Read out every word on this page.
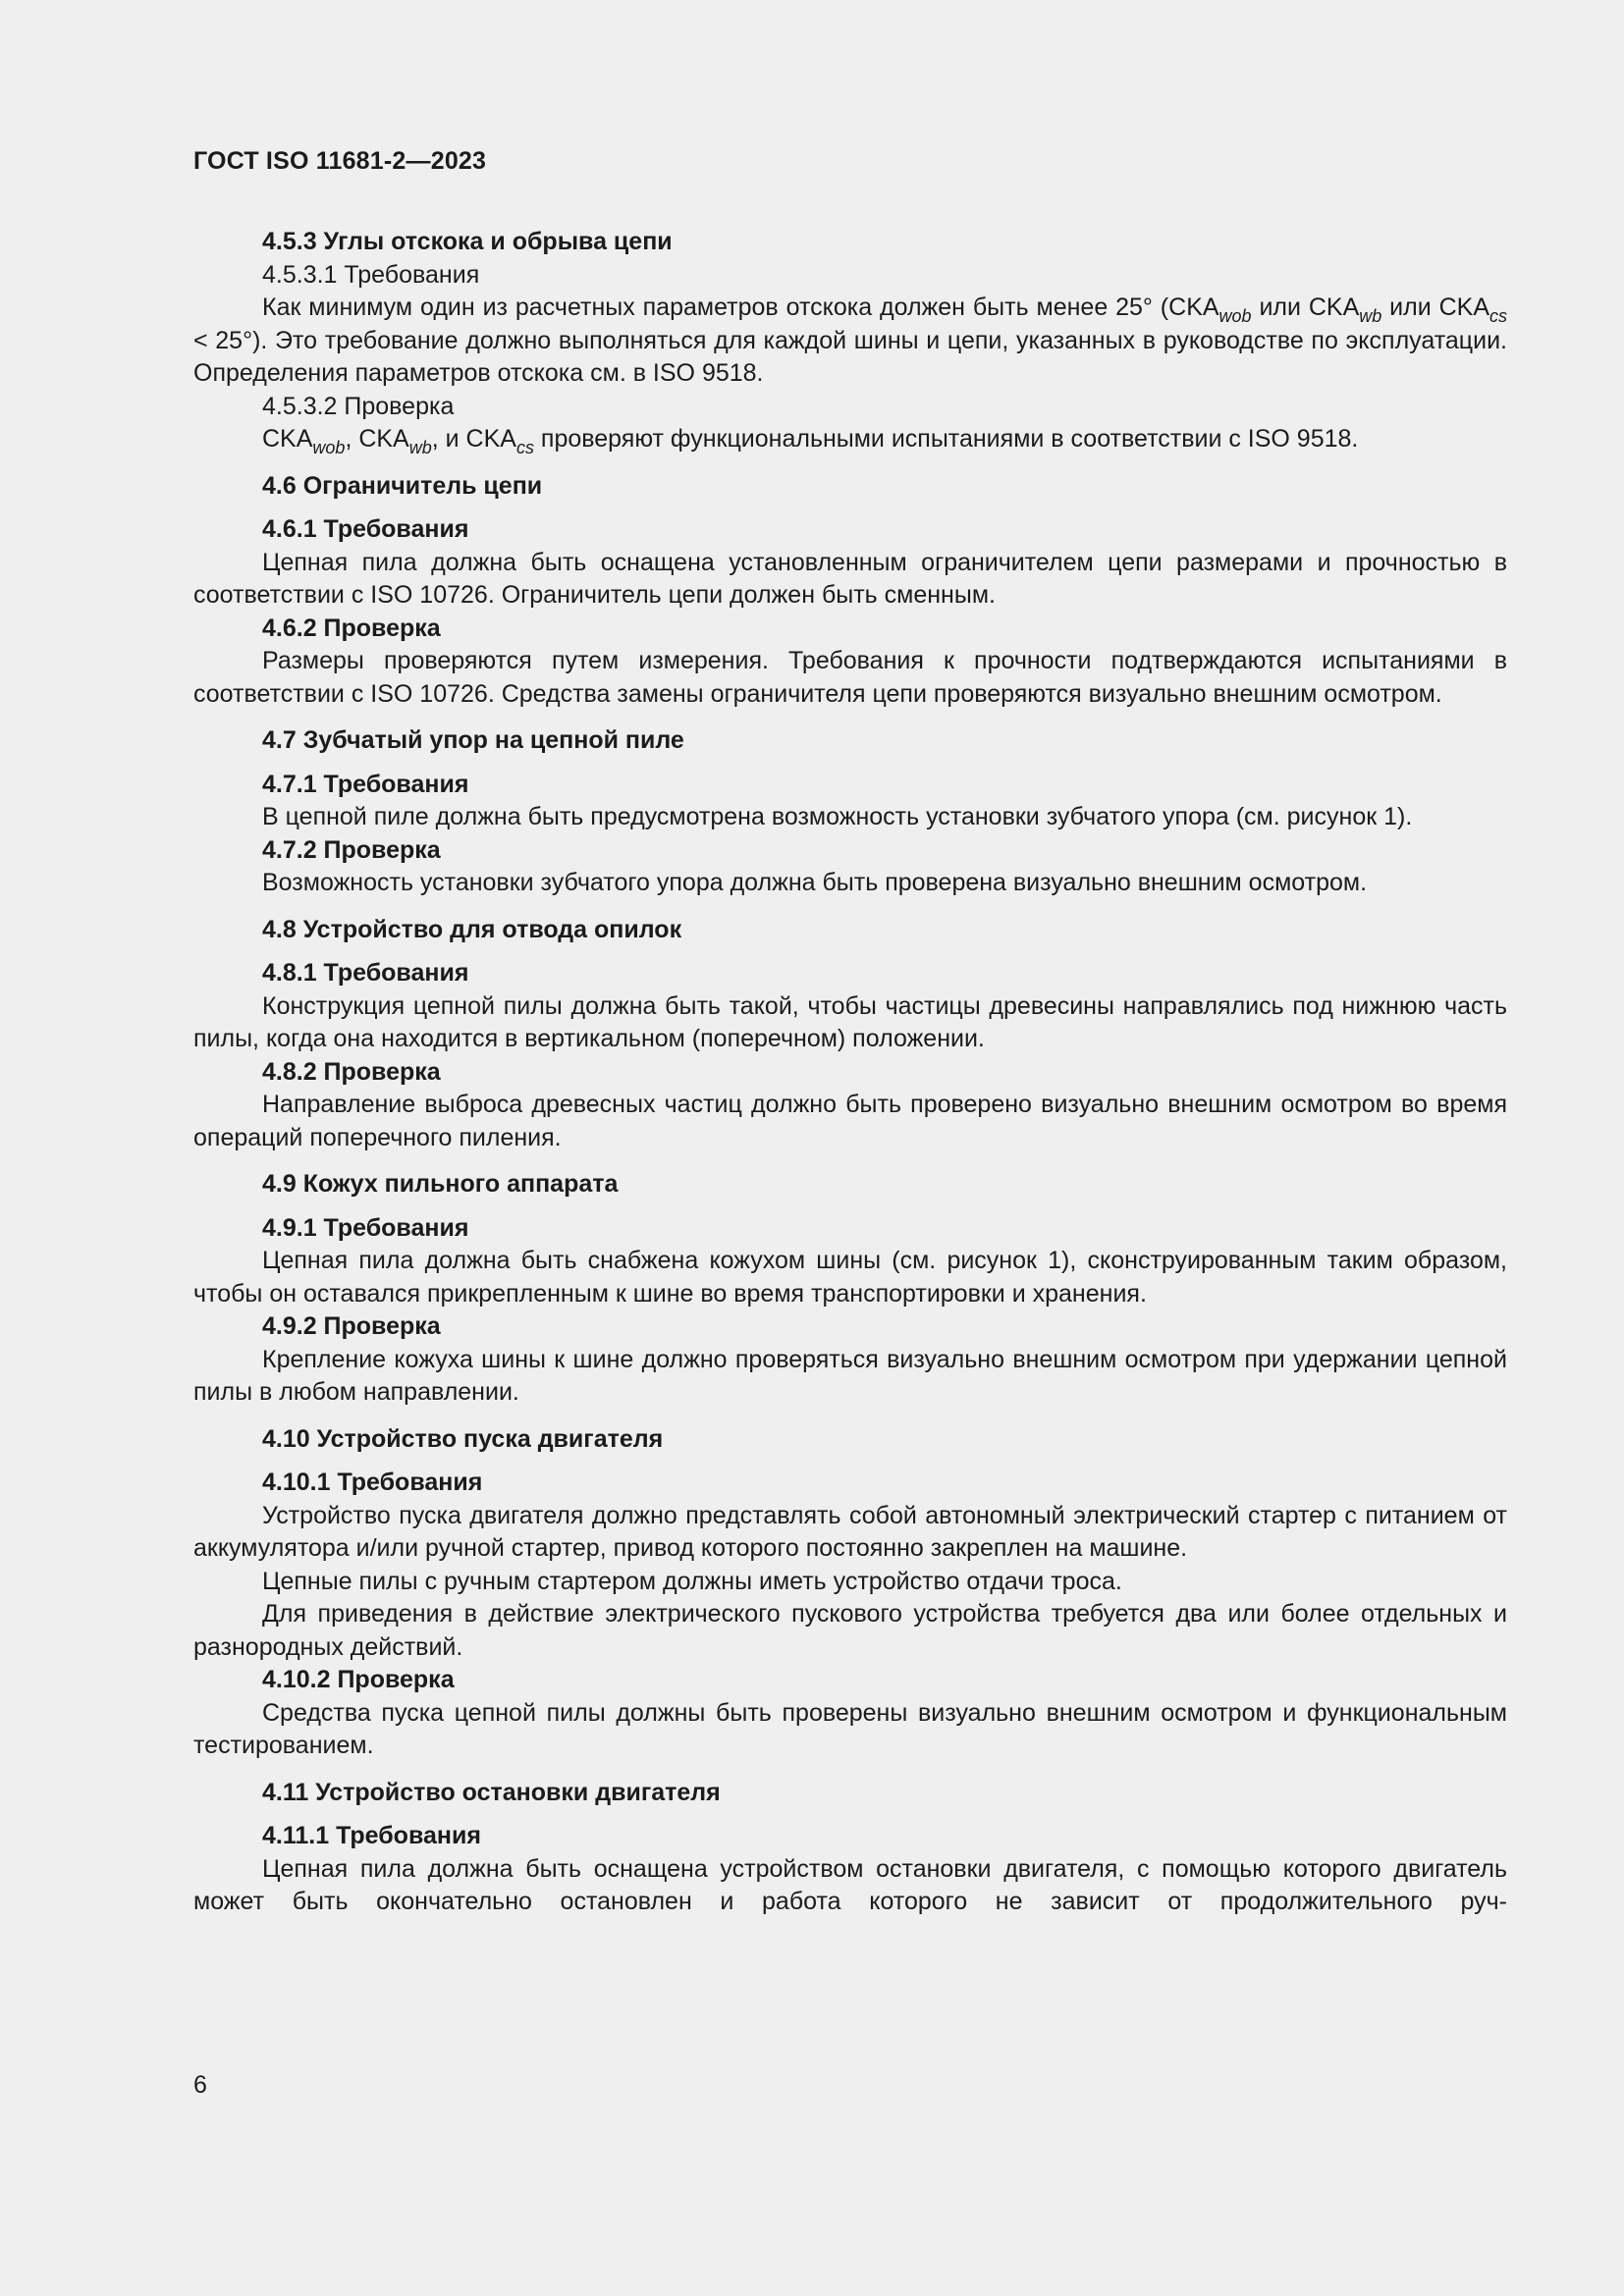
ГОСТ ISO 11681-2—2023

4.5.3 Углы отскока и обрыва цепи

4.5.3.1 Требования

Как минимум один из расчетных параметров отскока должен быть менее 25° ($CKA_{wob}$ или $CKA_{wb}$ или $CKA_{cs} < 25^\circ$). Это требование должно выполняться для каждой шины и цепи, указанных в руководстве по эксплуатации. Определения параметров отскока см. в ISO 9518.

4.5.3.2 Проверка

$CKA_{wob}$, $CKA_{wb}$, и $CKA_{cs}$ проверяют функциональными испытаниями в соответствии с ISO 9518.

4.6 Ограничитель цепи

4.6.1 Требования

Цепная пила должна быть оснащена установленным ограничителем цепи размерами и прочностью в соответствии с ISO 10726. Ограничитель цепи должен быть сменным.

4.6.2 Проверка

Размеры проверяются путем измерения. Требования к прочности подтверждаются испытаниями в соответствии с ISO 10726. Средства замены ограничителя цепи проверяются визуально внешним осмотром.

4.7 Зубчатый упор на цепной пиле

4.7.1 Требования

В цепной пиле должна быть предусмотрена возможность установки зубчатого упора (см. рисунок 1).

4.7.2 Проверка

Возможность установки зубчатого упора должна быть проверена визуально внешним осмотром.

4.8 Устройство для отвода опилок

4.8.1 Требования

Конструкция цепной пилы должна быть такой, чтобы частицы древесины направлялись под нижнюю часть пилы, когда она находится в вертикальном (поперечном) положении.

4.8.2 Проверка

Направление выброса древесных частиц должно быть проверено визуально внешним осмотром во время операций поперечного пиления.

4.9 Кожух пильного аппарата

4.9.1 Требования

Цепная пила должна быть снабжена кожухом шины (см. рисунок 1), сконструированным таким образом, чтобы он оставался прикрепленным к шине во время транспортировки и хранения.

4.9.2 Проверка

Крепление кожуха шины к шине должно проверяться визуально внешним осмотром при удержании цепной пилы в любом направлении.

4.10 Устройство пуска двигателя

4.10.1 Требования

Устройство пуска двигателя должно представлять собой автономный электрический стартер с питанием от аккумулятора и/или ручной стартер, привод которого постоянно закреплен на машине.

Цепные пилы с ручным стартером должны иметь устройство отдачи троса.

Для приведения в действие электрического пускового устройства требуется два или более отдельных и разнородных действий.

4.10.2 Проверка

Средства пуска цепной пилы должны быть проверены визуально внешним осмотром и функциональным тестированием.

4.11 Устройство остановки двигателя

4.11.1 Требования

Цепная пила должна быть оснащена устройством остановки двигателя, с помощью которого двигатель может быть окончательно остановлен и работа которого не зависит от продолжительного руч-

6
